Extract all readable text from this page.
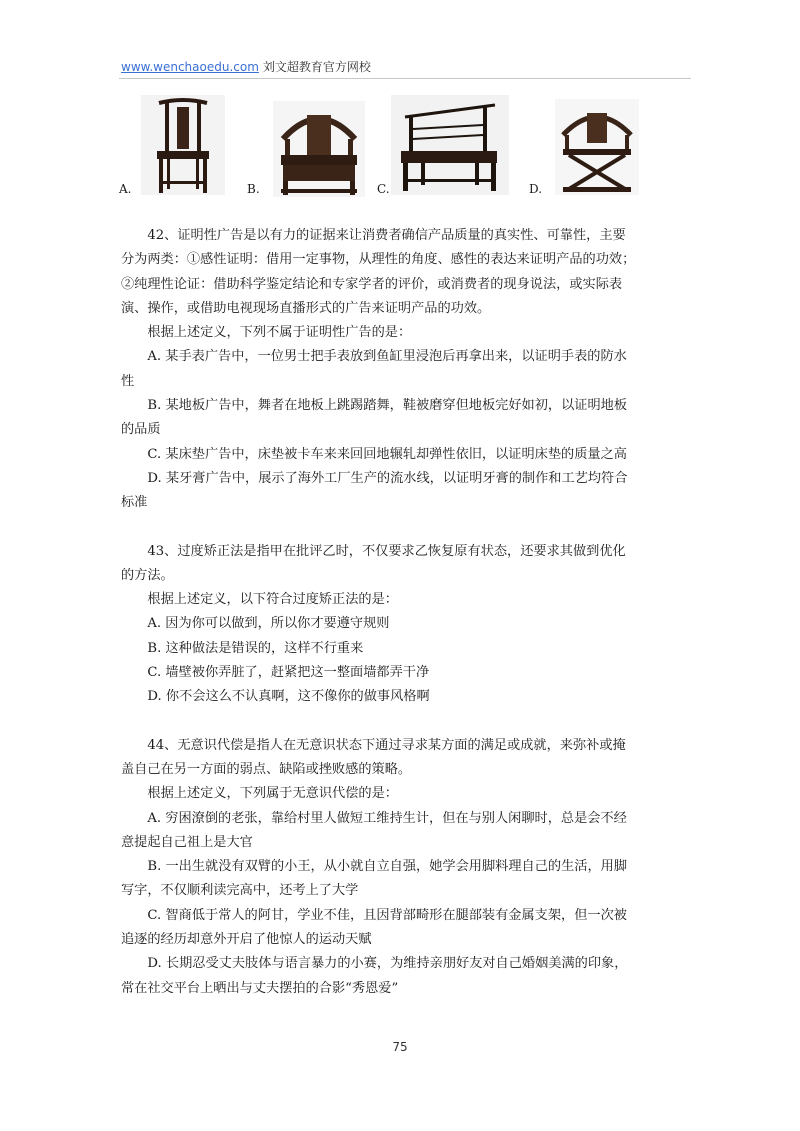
www.wenchaoedu.com 刘文超教育官方网校
A.	B.	C.	D.
42、证明性广告是以有力的证据来让消费者确信产品质量的真实性、可靠性，主要
分为两类：①感性证明：借用一定事物，从理性的角度、感性的表达来证明产品的功效；
②纯理性论证：借助科学鉴定结论和专家学者的评价，或消费者的现身说法，或实际表
演、操作，或借助电视现场直播形式的广告来证明产品的功效。
根据上述定义，下列不属于证明性广告的是：
A. 某手表广告中，一位男士把手表放到鱼缸里浸泡后再拿出来，以证明手表的防水
性
B. 某地板广告中，舞者在地板上跳踢踏舞，鞋被磨穿但地板完好如初，以证明地板
的品质
C. 某床垫广告中，床垫被卡车来来回回地辗轧却弹性依旧，以证明床垫的质量之高
D. 某牙膏广告中，展示了海外工厂生产的流水线，以证明牙膏的制作和工艺均符合
标准
43、过度矫正法是指甲在批评乙时，不仅要求乙恢复原有状态，还要求其做到优化
的方法。
根据上述定义，以下符合过度矫正法的是：
A. 因为你可以做到，所以你才要遵守规则
B. 这种做法是错误的，这样不行重来
C. 墙壁被你弄脏了，赶紧把这一整面墙都弄干净
D. 你不会这么不认真啊，这不像你的做事风格啊
44、无意识代偿是指人在无意识状态下通过寻求某方面的满足或成就，来弥补或掩
盖自己在另一方面的弱点、缺陷或挫败感的策略。
根据上述定义，下列属于无意识代偿的是：
A. 穷困潦倒的老张，靠给村里人做短工维持生计，但在与别人闲聊时，总是会不经
意提起自己祖上是大官
B. 一出生就没有双臂的小王，从小就自立自强，她学会用脚料理自己的生活，用脚
写字，不仅顺利读完高中，还考上了大学
C. 智商低于常人的阿甘，学业不佳，且因背部畸形在腿部装有金属支架，但一次被
追逐的经历却意外开启了他惊人的运动天赋
D. 长期忍受丈夫肢体与语言暴力的小赛，为维持亲朋好友对自己婚姻美满的印象，
常在社交平台上晒出与丈夫摆拍的合影“秀恩爱”
75
